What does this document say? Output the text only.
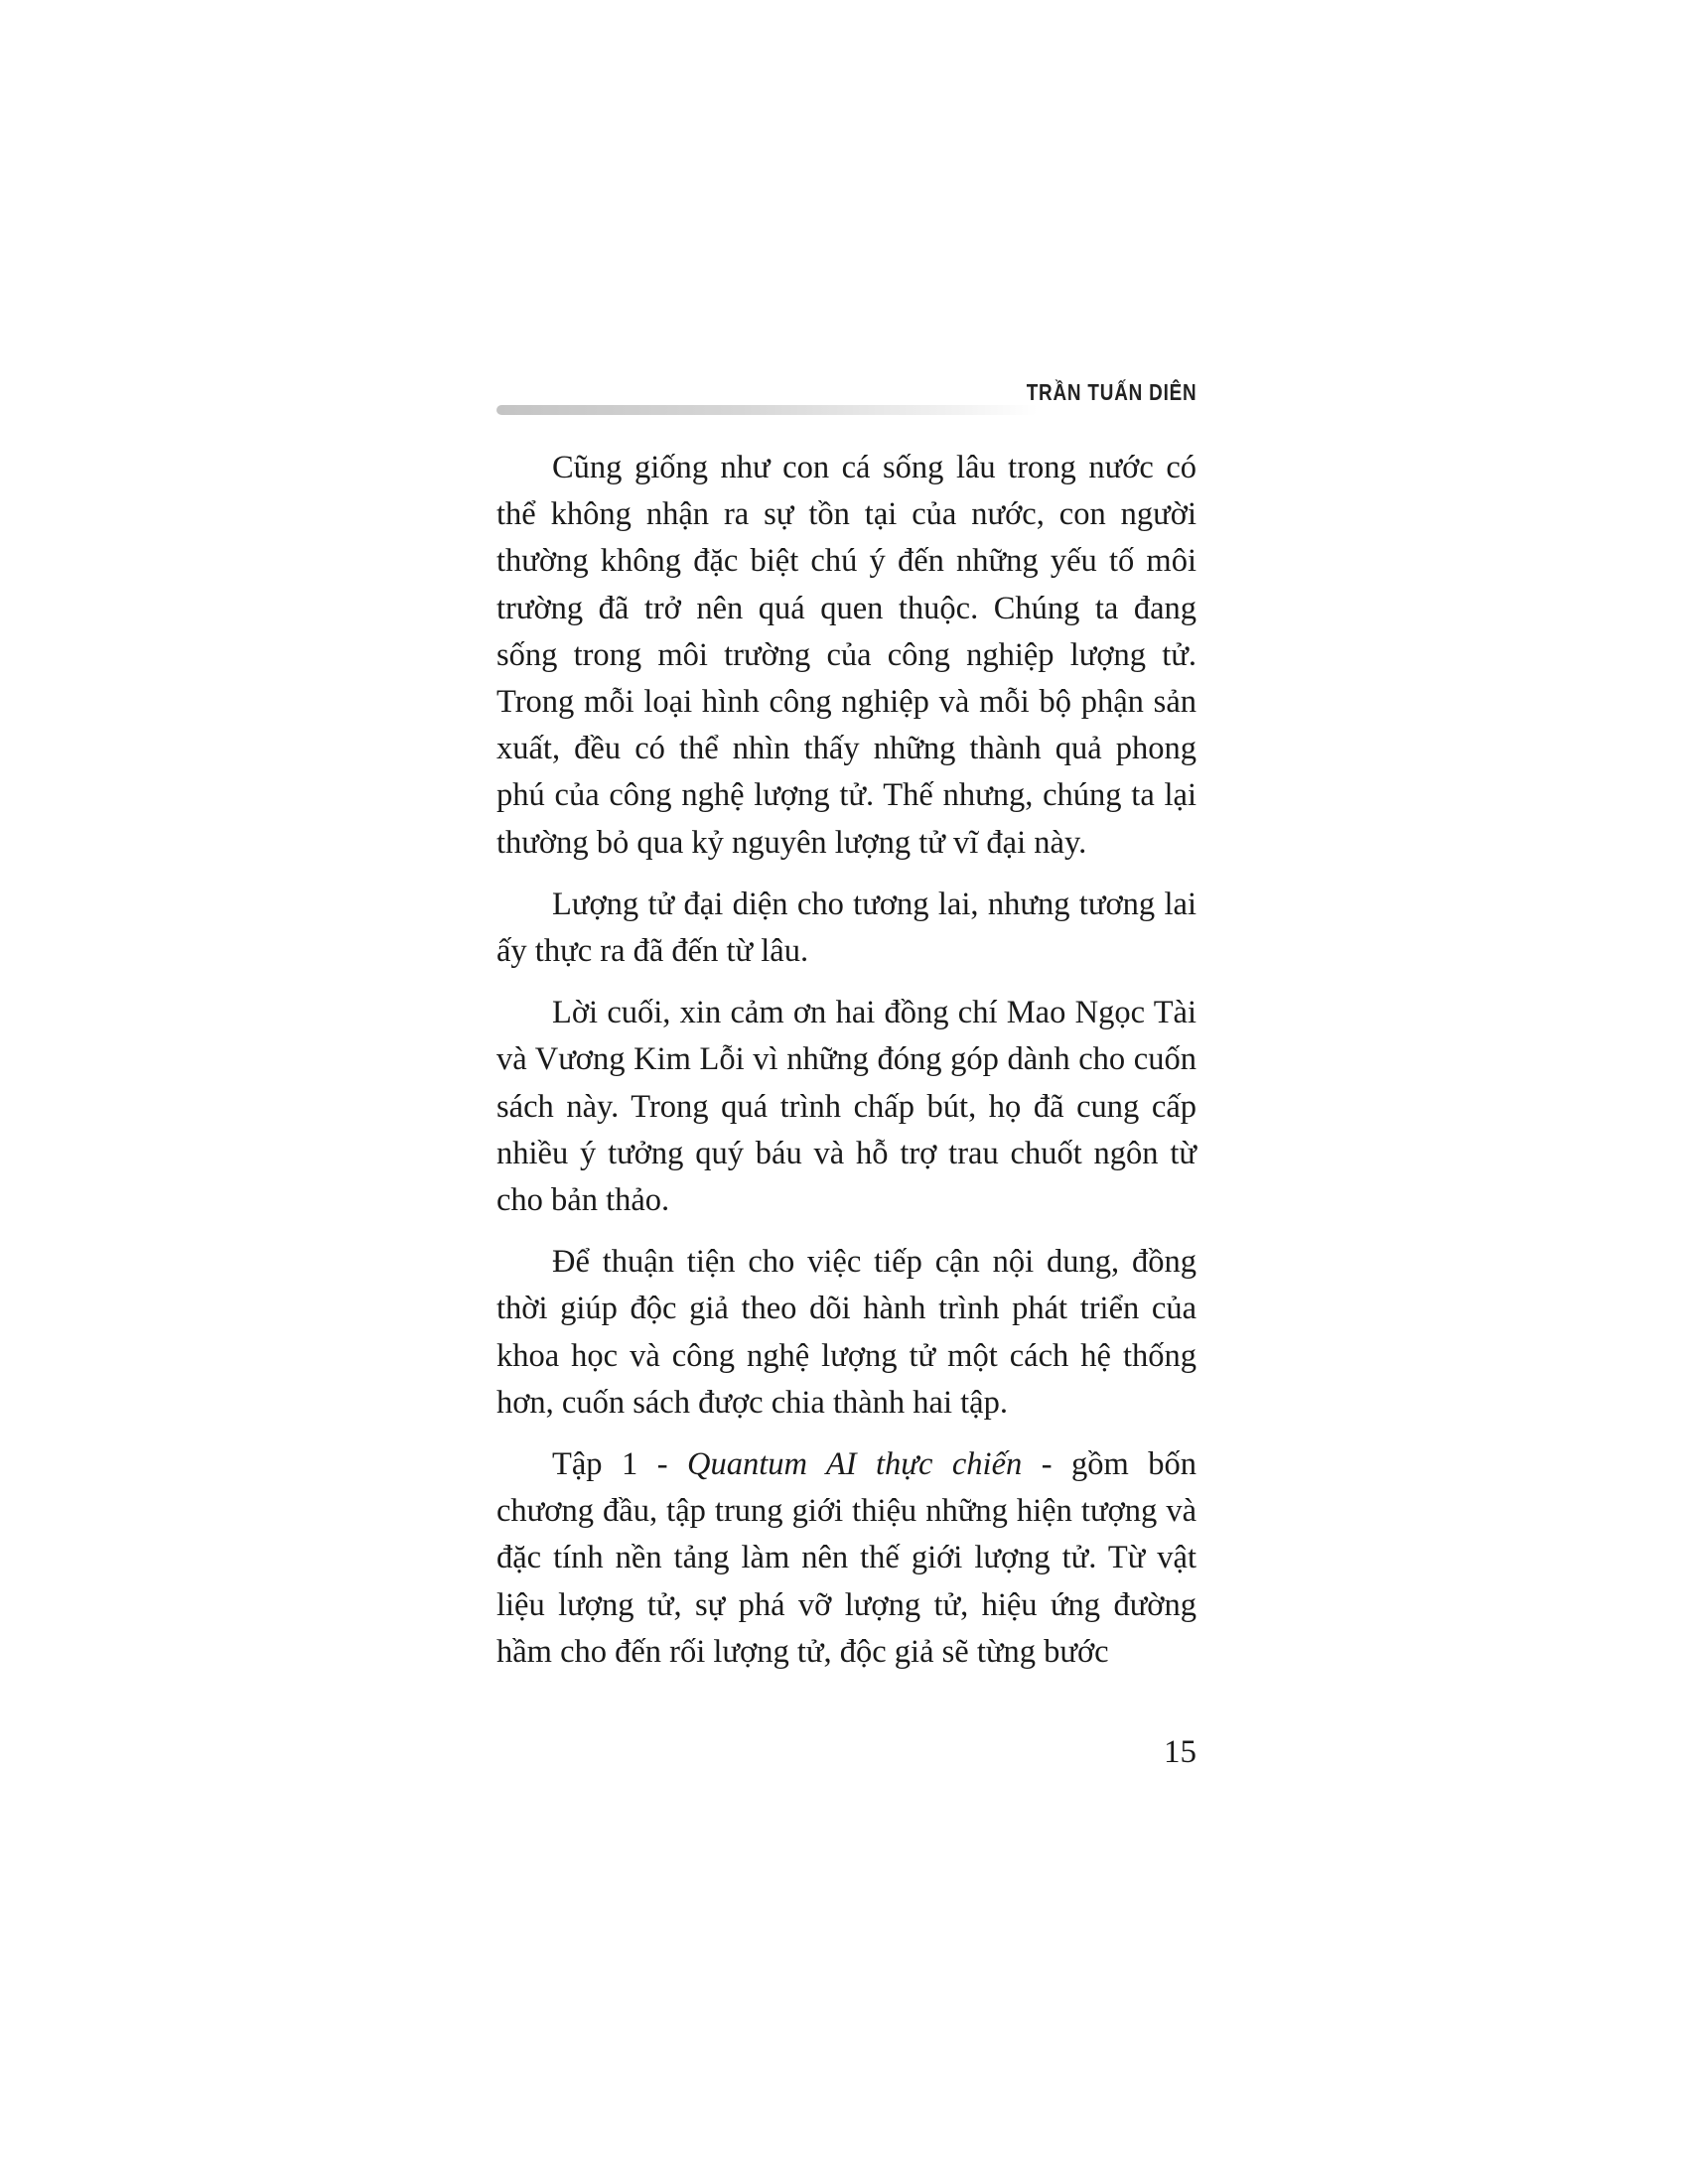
TRẦN TUẤN DIÊN

Cũng giống như con cá sống lâu trong nước có thể không nhận ra sự tồn tại của nước, con người thường không đặc biệt chú ý đến những yếu tố môi trường đã trở nên quá quen thuộc. Chúng ta đang sống trong môi trường của công nghiệp lượng tử. Trong mỗi loại hình công nghiệp và mỗi bộ phận sản xuất, đều có thể nhìn thấy những thành quả phong phú của công nghệ lượng tử. Thế nhưng, chúng ta lại thường bỏ qua kỷ nguyên lượng tử vĩ đại này.

Lượng tử đại diện cho tương lai, nhưng tương lai ấy thực ra đã đến từ lâu.

Lời cuối, xin cảm ơn hai đồng chí Mao Ngọc Tài và Vương Kim Lỗi vì những đóng góp dành cho cuốn sách này. Trong quá trình chấp bút, họ đã cung cấp nhiều ý tưởng quý báu và hỗ trợ trau chuốt ngôn từ cho bản thảo.

Để thuận tiện cho việc tiếp cận nội dung, đồng thời giúp độc giả theo dõi hành trình phát triển của khoa học và công nghệ lượng tử một cách hệ thống hơn, cuốn sách được chia thành hai tập.

Tập 1 - Quantum AI thực chiến - gồm bốn chương đầu, tập trung giới thiệu những hiện tượng và đặc tính nền tảng làm nên thế giới lượng tử. Từ vật liệu lượng tử, sự phá vỡ lượng tử, hiệu ứng đường hầm cho đến rối lượng tử, độc giả sẽ từng bước

15
